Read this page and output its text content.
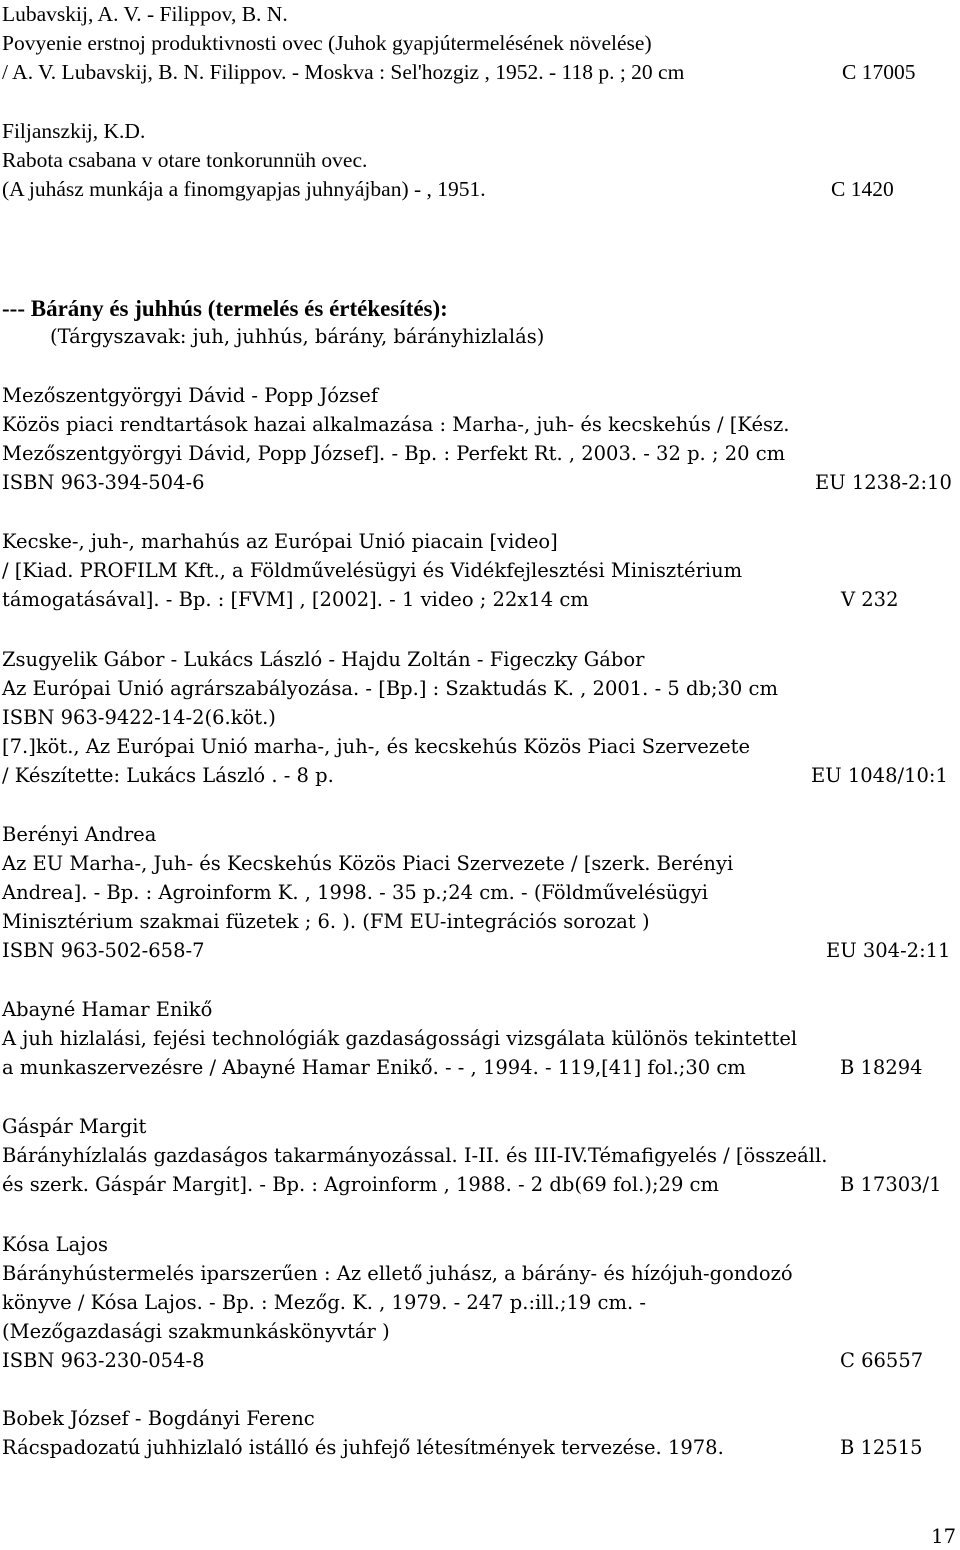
Lubavskij, A. V. - Filippov, B. N.
Povyenie erstnoj produktivnosti ovec (Juhok gyapjútermelésének növelése)
/ A. V. Lubavskij, B. N. Filippov. - Moskva : Sel'hozgiz , 1952. - 118 p. ; 20 cm	C 17005
Filjanszkij, K.D.
Rabota csabana v otare tonkorunnüh ovec.
(A juhász munkája a finomgyapjas juhnyájban) - , 1951.	C 1420
--- Bárány és juhhús (termelés és értékesítés):
(Tárgyszavak: juh, juhhús, bárány, bárányhizlalás)
Mezőszentgyörgyi Dávid - Popp József
Közös piaci rendtartások hazai alkalmazása : Marha-, juh- és kecskehús / [Kész.
Mezőszentgyörgyi Dávid, Popp József]. - Bp. : Perfekt Rt. , 2003. - 32 p. ; 20 cm
ISBN 963-394-504-6	EU 1238-2:10
Kecske-, juh-, marhahús az Európai Unió piacain [video]
/ [Kiad. PROFILM Kft., a Földművelésügyi és Vidékfejlesztési Minisztérium
támogatásával]. - Bp. : [FVM] , [2002]. - 1 video ; 22x14 cm	V 232
Zsugyelik Gábor - Lukács László - Hajdu Zoltán - Figeczky Gábor
Az Európai Unió agrárszabályozása. - [Bp.] : Szaktudás K. , 2001. - 5 db;30 cm
ISBN 963-9422-14-2(6.köt.)
[7.]köt., Az Európai Unió marha-, juh-, és kecskehús Közös Piaci Szervezete
/ Készítette: Lukács László . - 8 p.	EU 1048/10:1
Berényi Andrea
Az EU Marha-, Juh- és Kecskehús Közös Piaci Szervezete / [szerk. Berényi
Andrea]. - Bp. : Agroinform K. , 1998. - 35 p.;24 cm. - (Földművelésügyi
Minisztérium szakmai füzetek ; 6. ). (FM EU-integrációs sorozat )
ISBN 963-502-658-7	EU 304-2:11
Abayné Hamar Enikő
A juh hizlalási, fejési technológiák gazdaságossági vizsgálata különös tekintettel
a munkaszervezésre / Abayné Hamar Enikő. - - , 1994. - 119,[41] fol.;30 cm	B 18294
Gáspár Margit
Bárányhízlalás gazdaságos takarmányozással. I-II. és III-IV.Témafigyelés / [összeáll.
és szerk. Gáspár Margit]. - Bp. : Agroinform , 1988. - 2 db(69 fol.);29 cm	B 17303/1
Kósa Lajos
Bárányhústermelés iparszerűen : Az ellető juhász, a bárány- és hízójuh-gondozó
könyve / Kósa Lajos. - Bp. : Mezőg. K. , 1979. - 247 p.:ill.;19 cm. -
(Mezőgazdasági szakmunkáskönyvtár )
ISBN 963-230-054-8	C 66557
Bobek József - Bogdányi Ferenc
Rácspadozatú juhhizlaló istálló és juhfejő létesítmények tervezése. 1978.	B 12515
17
